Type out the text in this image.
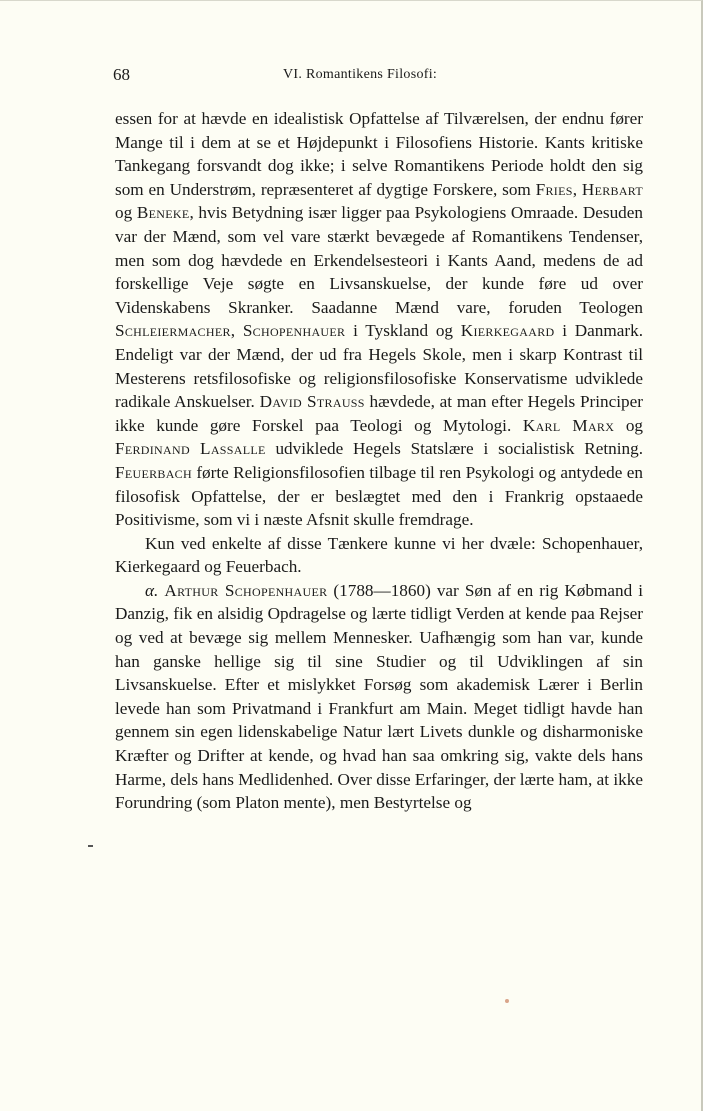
68	VI. Romantikens Filosofi:

essen for at hævde en idealistisk Opfattelse af Tilværelsen, der endnu fører Mange til i dem at se et Højdepunkt i Filosofiens Historie. Kants kritiske Tankegang forsvandt dog ikke; i selve Romantikens Periode holdt den sig som en Understrøm, repræsenteret af dygtige Forskere, som Fries, Herbart og Beneke, hvis Betydning især ligger paa Psykologiens Omraade. Desuden var der Mænd, som vel vare stærkt bevægede af Romantikens Tendenser, men som dog hævdede en Erkendelsesteori i Kants Aand, medens de ad forskellige Veje søgte en Livsanskuelse, der kunde føre ud over Videnskabens Skranker. Saadanne Mænd vare, foruden Teologen Schleiermacher, Schopenhauer i Tyskland og Kierkegaard i Danmark. Endeligt var der Mænd, der ud fra Hegels Skole, men i skarp Kontrast til Mesterens retsfilosofiske og religionsfilosofiske Konservatisme udviklede radikale Anskuelser. David Strauss hævdede, at man efter Hegels Principer ikke kunde gøre Forskel paa Teologi og Mytologi. Karl Marx og Ferdinand Lassalle udviklede Hegels Statslære i socialistisk Retning. Feuerbach førte Religionsfilosofien tilbage til ren Psykologi og antydede en filosofisk Opfattelse, der er beslægtet med den i Frankrig opstaaede Positivisme, som vi i næste Afsnit skulle fremdrage.

Kun ved enkelte af disse Tænkere kunne vi her dvæle: Schopenhauer, Kierkegaard og Feuerbach.

α. Arthur Schopenhauer (1788—1860) var Søn af en rig Købmand i Danzig, fik en alsidig Opdragelse og lærte tidligt Verden at kende paa Rejser og ved at bevæge sig mellem Mennesker. Uafhængig som han var, kunde han ganske hellige sig til sine Studier og til Udviklingen af sin Livsanskuelse. Efter et mislykket Forsøg som akademisk Lærer i Berlin levede han som Privatmand i Frankfurt am Main. Meget tidligt havde han gennem sin egen lidenskabelige Natur lært Livets dunkle og disharmoniske Kræfter og Drifter at kende, og hvad han saa omkring sig, vakte dels hans Harme, dels hans Medlidenhed. Over disse Erfaringer, der lærte ham, at ikke Forundring (som Platon mente), men Bestyrtelse og
